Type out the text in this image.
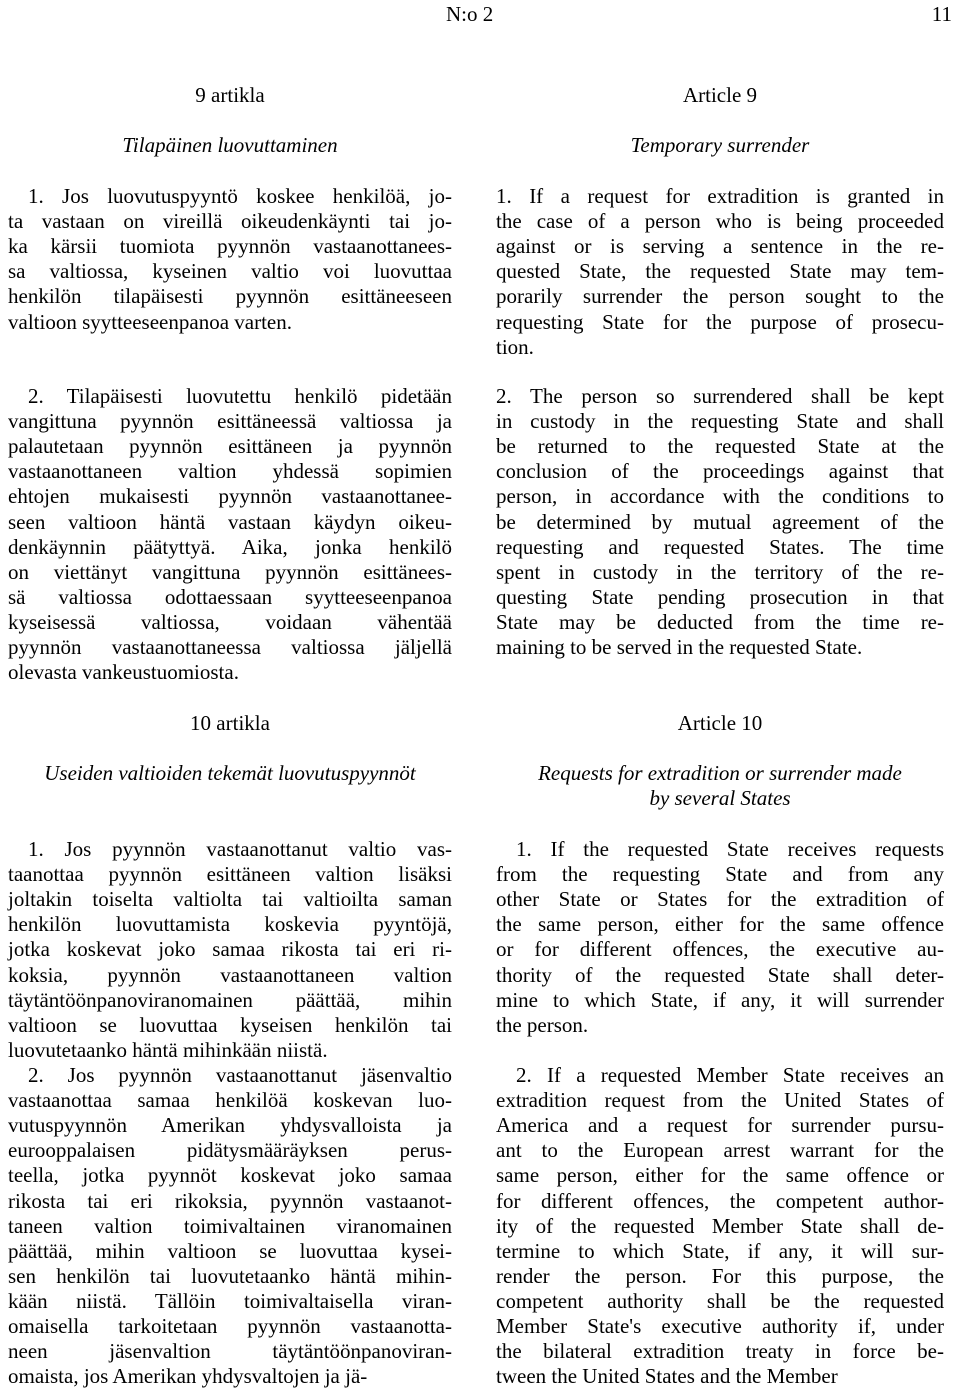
N:o 2	11
9 artikla
Tilapäinen luovuttaminen
1. Jos luovutuspyyntö koskee henkilöä, jo-
ta vastaan on vireillä oikeudenkäynti tai jo-
ka kärsii tuomiota pyynnön vastaanottanees-
sa valtiossa, kyseinen valtio voi luovuttaa
henkilön tilapäisesti pyynnön esittäneeseen
valtioon syytteeseenpanoa varten.
2. Tilapäisesti luovutettu henkilö pidetään
vangittuna pyynnön esittäneessä valtiossa ja
palautetaan pyynnön esittäneen ja pyynnön
vastaanottaneen valtion yhdessä sopimien
ehtojen mukaisesti pyynnön vastaanottanee-
seen valtioon häntä vastaan käydyn oikeu-
denkäynnin päätyttyä. Aika, jonka henkilö
on viettänyt vangittuna pyynnön esittänees-
sä valtiossa odottaessaan syytteeseenpanoa
kyseisessä valtiossa, voidaan vähentää
pyynnön vastaanottaneessa valtiossa jäljellä
olevasta vankeustuomiosta.
10 artikla
Useiden valtioiden tekemät luovutuspyynnöt
1. Jos pyynnön vastaanottanut valtio vas-
taanottaa pyynnön esittäneen valtion lisäksi
joltakin toiselta valtiolta tai valtioilta saman
henkilön luovuttamista koskevia pyyntöjä,
jotka koskevat joko samaa rikosta tai eri ri-
koksia, pyynnön vastaanottaneen valtion
täytäntöönpanoviranomainen päättää, mihin
valtioon se luovuttaa kyseisen henkilön tai
luovutetaanko häntä mihinkään niistä.
2. Jos pyynnön vastaanottanut jäsenvaltio
vastaanottaa samaa henkilöä koskevan luo-
vutuspyynnön Amerikan yhdysvalloista ja
eurooppalaisen pidätysmääräyksen perus-
teella, jotka pyynnöt koskevat joko samaa
rikosta tai eri rikoksia, pyynnön vastaanot-
taneen valtion toimivaltainen viranomainen
päättää, mihin valtioon se luovuttaa kysei-
sen henkilön tai luovutetaanko häntä mihin-
kään niistä. Tällöin toimivaltaisella viran-
omaisella tarkoitetaan pyynnön vastaanotta-
neen jäsenvaltion täytäntöönpanoviran-
omaista, jos Amerikan yhdysvaltojen ja jä-
Article 9
Temporary surrender
1. If a request for extradition is granted in
the case of a person who is being proceeded
against or is serving a sentence in the re-
quested State, the requested State may tem-
porarily surrender the person sought to the
requesting State for the purpose of prosecu-
tion.
2. The person so surrendered shall be kept
in custody in the requesting State and shall
be returned to the requested State at the
conclusion of the proceedings against that
person, in accordance with the conditions to
be determined by mutual agreement of the
requesting and requested States. The time
spent in custody in the territory of the re-
questing State pending prosecution in that
State may be deducted from the time re-
maining to be served in the requested State.
Article 10
Requests for extradition or surrender made
by several States
1. If the requested State receives requests
from the requesting State and from any
other State or States for the extradition of
the same person, either for the same offence
or for different offences, the executive au-
thority of the requested State shall deter-
mine to which State, if any, it will surrender
the person.
2. If a requested Member State receives an
extradition request from the United States of
America and a request for surrender pursu-
ant to the European arrest warrant for the
same person, either for the same offence or
for different offences, the competent author-
ity of the requested Member State shall de-
termine to which State, if any, it will sur-
render the person. For this purpose, the
competent authority shall be the requested
Member State's executive authority if, under
the bilateral extradition treaty in force be-
tween the United States and the Member
